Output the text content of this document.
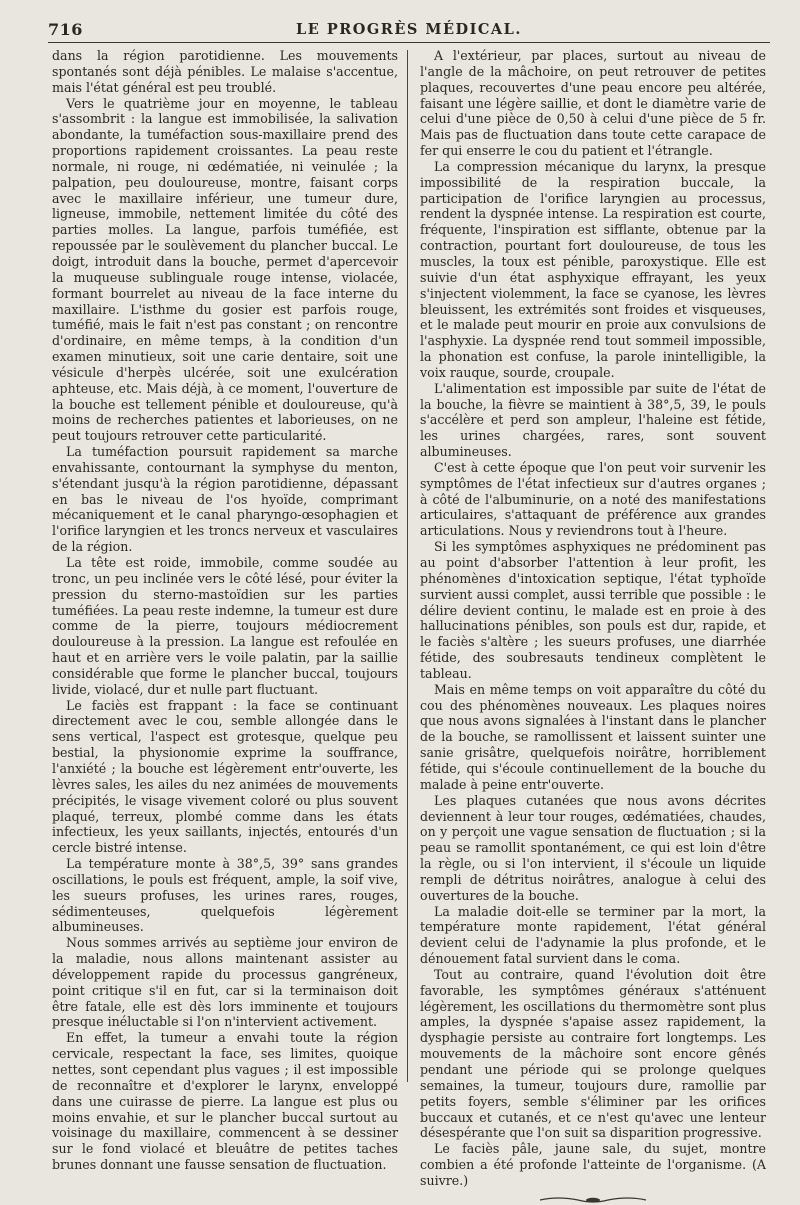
716	LE PROGRÈS MÉDICAL.

dans la région parotidienne. Les mouvements spontanés sont déjà pénibles. Le malaise s'accentue, mais l'état général est peu troublé.

Vers le quatrième jour en moyenne, le tableau s'assombrit : la langue est immobilisée, la salivation abondante, la tuméfaction sous-maxillaire prend des proportions rapidement croissantes. La peau reste normale, ni rouge, ni œdématiée, ni veinulée ; la palpation, peu douloureuse, montre, faisant corps avec le maxillaire inférieur, une tumeur dure, ligneuse, immobile, nettement limitée du côté des parties molles. La langue, parfois tuméfiée, est repoussée par le soulèvement du plancher buccal. Le doigt, introduit dans la bouche, permet d'apercevoir la muqueuse sublinguale rouge intense, violacée, formant bourrelet au niveau de la face interne du maxillaire. L'isthme du gosier est parfois rouge, tuméfié, mais le fait n'est pas constant ; on rencontre d'ordinaire, en même temps, à la condition d'un examen minutieux, soit une carie dentaire, soit une vésicule d'herpès ulcérée, soit une exulcération aphteuse, etc. Mais déjà, à ce moment, l'ouverture de la bouche est tellement pénible et douloureuse, qu'à moins de recherches patientes et laborieuses, on ne peut toujours retrouver cette particularité.

La tuméfaction poursuit rapidement sa marche envahissante, contournant la symphyse du menton, s'étendant jusqu'à la région parotidienne, dépassant en bas le niveau de l'os hyoïde, comprimant mécaniquement et le canal pharyngo-œsophagien et l'orifice laryngien et les troncs nerveux et vasculaires de la région.

La tête est roide, immobile, comme soudée au tronc, un peu inclinée vers le côté lésé, pour éviter la pression du sterno-mastoïdien sur les parties tuméfiées. La peau reste indemne, la tumeur est dure comme de la pierre, toujours médiocrement douloureuse à la pression. La langue est refoulée en haut et en arrière vers le voile palatin, par la saillie considérable que forme le plancher buccal, toujours livide, violacé, dur et nulle part fluctuant.

Le faciès est frappant : la face se continuant directement avec le cou, semble allongée dans le sens vertical, l'aspect est grotesque, quelque peu bestial, la physionomie exprime la souffrance, l'anxiété ; la bouche est légèrement entr'ouverte, les lèvres sales, les ailes du nez animées de mouvements précipités, le visage vivement coloré ou plus souvent plaqué, terreux, plombé comme dans les états infectieux, les yeux saillants, injectés, entourés d'un cercle bistré intense.

La température monte à 38°,5, 39° sans grandes oscillations, le pouls est fréquent, ample, la soif vive, les sueurs profuses, les urines rares, rouges, sédimenteuses, quelquefois légèrement albumineuses.

Nous sommes arrivés au septième jour environ de la maladie, nous allons maintenant assister au développement rapide du processus gangréneux, point critique s'il en fut, car si la terminaison doit être fatale, elle est dès lors imminente et toujours presque inéluctable si l'on n'intervient activement.

En effet, la tumeur a envahi toute la région cervicale, respectant la face, ses limites, quoique nettes, sont cependant plus vagues ; il est impossible de reconnaître et d'explorer le larynx, enveloppé dans une cuirasse de pierre. La langue est plus ou moins envahie, et sur le plancher buccal surtout au voisinage du maxillaire, commencent à se dessiner sur le fond violacé et bleuâtre de petites taches brunes donnant une fausse sensation de fluctuation.

A l'extérieur, par places, surtout au niveau de l'angle de la mâchoire, on peut retrouver de petites plaques, recouvertes d'une peau encore peu altérée, faisant une légère saillie, et dont le diamètre varie de celui d'une pièce de 0,50 à celui d'une pièce de 5 fr. Mais pas de fluctuation dans toute cette carapace de fer qui enserre le cou du patient et l'étrangle.

La compression mécanique du larynx, la presque impossibilité de la respiration buccale, la participation de l'orifice laryngien au processus, rendent la dyspnée intense. La respiration est courte, fréquente, l'inspiration est sifflante, obtenue par la contraction, pourtant fort douloureuse, de tous les muscles, la toux est pénible, paroxystique. Elle est suivie d'un état asphyxique effrayant, les yeux s'injectent violemment, la face se cyanose, les lèvres bleuissent, les extrémités sont froides et visqueuses, et le malade peut mourir en proie aux convulsions de l'asphyxie. La dyspnée rend tout sommeil impossible, la phonation est confuse, la parole inintelligible, la voix rauque, sourde, croupale.

L'alimentation est impossible par suite de l'état de la bouche, la fièvre se maintient à 38°,5, 39, le pouls s'accélère et perd son ampleur, l'haleine est fétide, les urines chargées, rares, sont souvent albumineuses.

C'est à cette époque que l'on peut voir survenir les symptômes de l'état infectieux sur d'autres organes ; à côté de l'albuminurie, on a noté des manifestations articulaires, s'attaquant de préférence aux grandes articulations. Nous y reviendrons tout à l'heure.

Si les symptômes asphyxiques ne prédominent pas au point d'absorber l'attention à leur profit, les phénomènes d'intoxication septique, l'état typhoïde survient aussi complet, aussi terrible que possible : le délire devient continu, le malade est en proie à des hallucinations pénibles, son pouls est dur, rapide, et le faciès s'altère ; les sueurs profuses, une diarrhée fétide, des soubresauts tendineux complètent le tableau.

Mais en même temps on voit apparaître du côté du cou des phénomènes nouveaux. Les plaques noires que nous avons signalées à l'instant dans le plancher de la bouche, se ramollissent et laissent suinter une sanie grisâtre, quelquefois noirâtre, horriblement fétide, qui s'écoule continuellement de la bouche du malade à peine entr'ouverte.

Les plaques cutanées que nous avons décrites deviennent à leur tour rouges, œdématiées, chaudes, on y perçoit une vague sensation de fluctuation ; si la peau se ramollit spontanément, ce qui est loin d'être la règle, ou si l'on intervient, il s'écoule un liquide rempli de détritus noirâtres, analogue à celui des ouvertures de la bouche.

La maladie doit-elle se terminer par la mort, la température monte rapidement, l'état général devient celui de l'adynamie la plus profonde, et le dénouement fatal survient dans le coma.

Tout au contraire, quand l'évolution doit être favorable, les symptômes généraux s'atténuent légèrement, les oscillations du thermomètre sont plus amples, la dyspnée s'apaise assez rapidement, la dysphagie persiste au contraire fort longtemps. Les mouvements de la mâchoire sont encore gênés pendant une période qui se prolonge quelques semaines, la tumeur, toujours dure, ramollie par petits foyers, semble s'éliminer par les orifices buccaux et cutanés, et ce n'est qu'avec une lenteur désespérante que l'on suit sa disparition progressive.

Le faciès pâle, jaune sale, du sujet, montre combien a été profonde l'atteinte de l'organisme. (A suivre.)
